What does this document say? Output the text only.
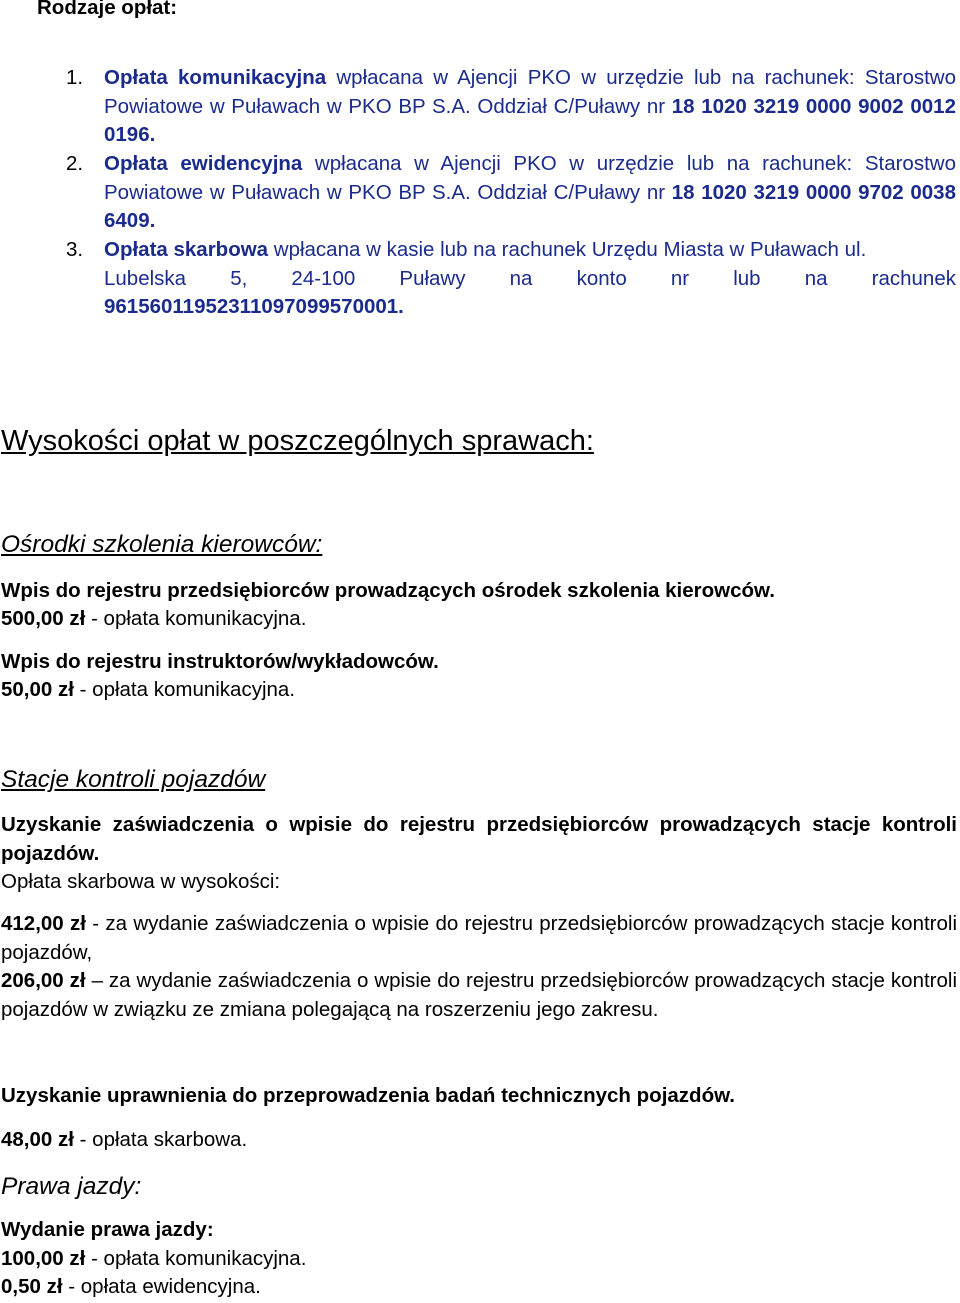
Rodzaje opłat:
1. Opłata komunikacyjna wpłacana w Ajencji PKO w urzędzie lub na rachunek: Starostwo Powiatowe w Puławach w PKO BP S.A. Oddział C/Puławy nr 18 1020 3219 0000 9002 0012 0196.
2. Opłata ewidencyjna wpłacana w Ajencji PKO w urzędzie lub na rachunek: Starostwo Powiatowe w Puławach w PKO BP S.A. Oddział C/Puławy nr 18 1020 3219 0000 9702 0038 6409.
3. Opłata skarbowa wpłacana w kasie lub na rachunek Urzędu Miasta w Puławach ul.
Lubelska 5, 24-100 Puławy na konto nr lub na rachunek
96156011952311097099570001.
Wysokości opłat w poszczególnych sprawach:
Ośrodki szkolenia kierowców:
Wpis do rejestru przedsiębiorców prowadzących ośrodek szkolenia kierowców.
500,00 zł - opłata komunikacyjna.
Wpis do rejestru instruktorów/wykładowców.
50,00 zł - opłata komunikacyjna.
Stacje kontroli pojazdów
Uzyskanie zaświadczenia o wpisie do rejestru przedsiębiorców prowadzących stacje kontroli pojazdów.
Opłata skarbowa w wysokości:
412,00 zł - za wydanie zaświadczenia o wpisie do rejestru przedsiębiorców prowadzących stacje kontroli pojazdów,
206,00 zł – za wydanie zaświadczenia o wpisie do rejestru przedsiębiorców prowadzących stacje kontroli pojazdów w związku ze zmiana polegającą na roszerzeniu jego zakresu.
Uzyskanie uprawnienia do przeprowadzenia badań technicznych pojazdów.
48,00 zł - opłata skarbowa.
Prawa jazdy:
Wydanie prawa jazdy:
100,00 zł - opłata komunikacyjna.
0,50 zł - opłata ewidencyjna.
